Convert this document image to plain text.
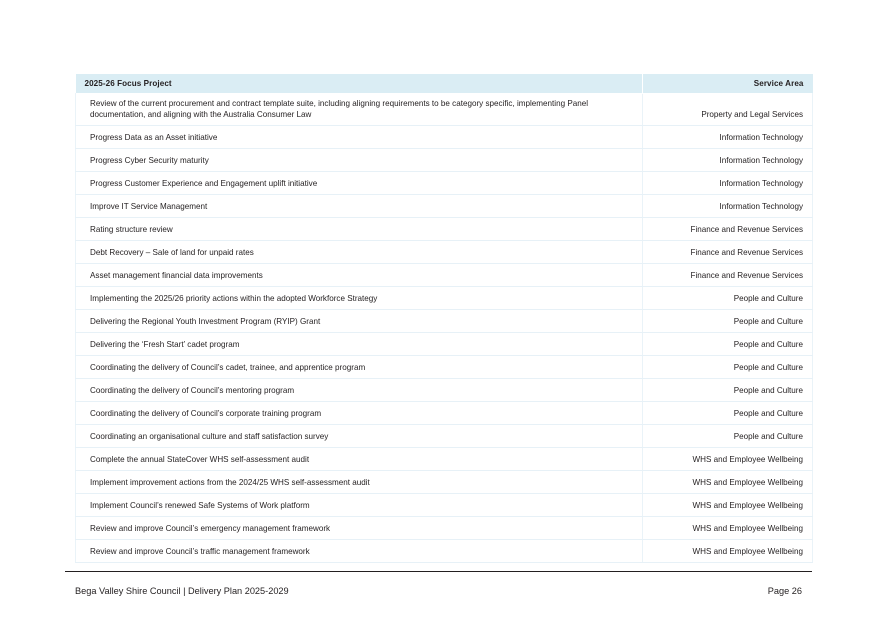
2025-26 Focus Project	Service Area
Review of the current procurement and contract template suite, including aligning requirements to be category specific, implementing Panel documentation, and aligning with the Australia Consumer Law	Property and Legal Services
Progress Data as an Asset initiative	Information Technology
Progress Cyber Security maturity	Information Technology
Progress Customer Experience and Engagement uplift initiative	Information Technology
Improve IT Service Management	Information Technology
Rating structure review	Finance and Revenue Services
Debt Recovery – Sale of land for unpaid rates	Finance and Revenue Services
Asset management financial data improvements	Finance and Revenue Services
Implementing the 2025/26 priority actions within the adopted Workforce Strategy	People and Culture
Delivering the Regional Youth Investment Program (RYIP) Grant	People and Culture
Delivering the ‘Fresh Start’ cadet program	People and Culture
Coordinating the delivery of Council’s cadet, trainee, and apprentice program	People and Culture
Coordinating the delivery of Council’s mentoring program	People and Culture
Coordinating the delivery of Council’s corporate training program	People and Culture
Coordinating an organisational culture and staff satisfaction survey	People and Culture
Complete the annual StateCover WHS self-assessment audit	WHS and Employee Wellbeing
Implement improvement actions from the 2024/25 WHS self-assessment audit	WHS and Employee Wellbeing
Implement Council’s renewed Safe Systems of Work platform	WHS and Employee Wellbeing
Review and improve Council’s emergency management framework	WHS and Employee Wellbeing
Review and improve Council’s traffic management framework	WHS and Employee Wellbeing
Bega Valley Shire Council | Delivery Plan 2025-2029	Page 26
